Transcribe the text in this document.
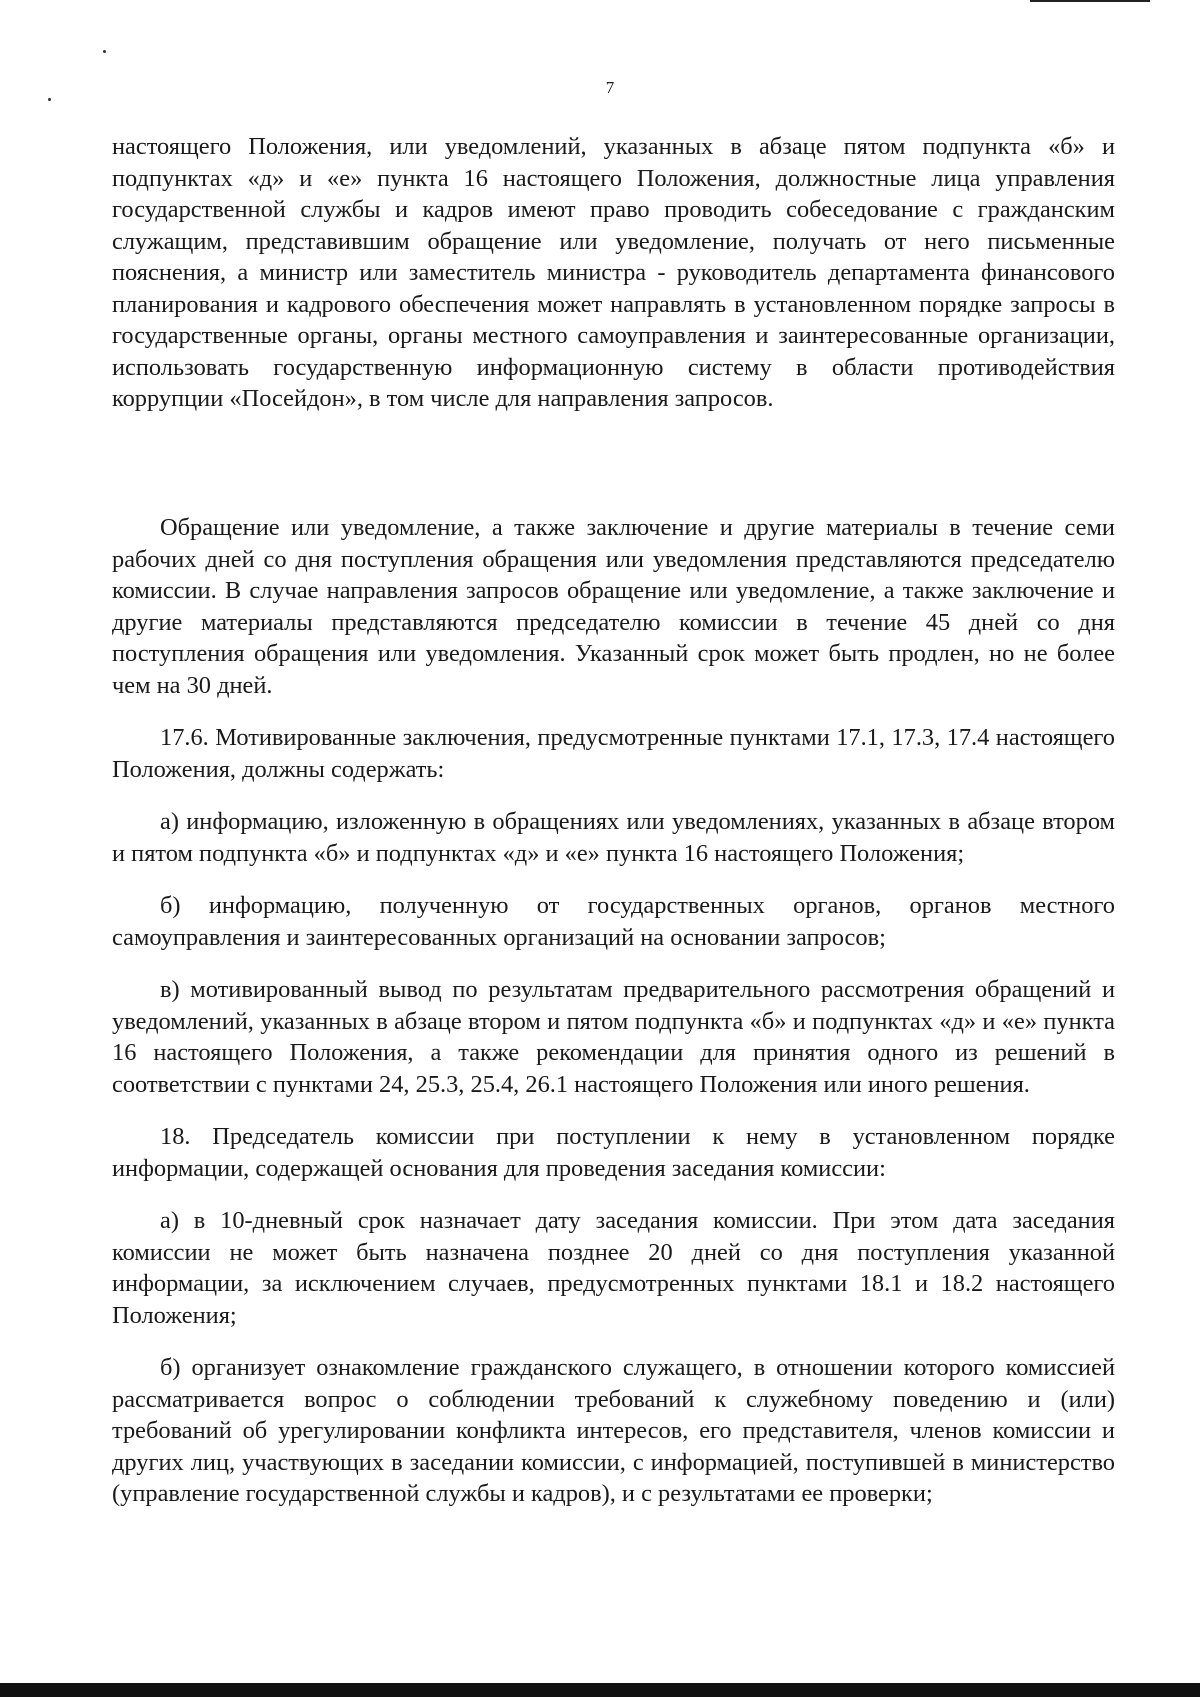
7

настоящего Положения, или уведомлений, указанных в абзаце пятом подпункта «б» и подпунктах «д» и «е» пункта 16 настоящего Положения, должностные лица управления государственной службы и кадров имеют право проводить собеседование с гражданским служащим, представившим обращение или уведомление, получать от него письменные пояснения, а министр или заместитель министра - руководитель департамента финансового планирования и кадрового обеспечения может направлять в установленном порядке запросы в государственные органы, органы местного самоуправления и заинтересованные организации, использовать государственную информационную систему в области противодействия коррупции «Посейдон», в том числе для направления запросов.

Обращение или уведомление, а также заключение и другие материалы в течение семи рабочих дней со дня поступления обращения или уведомления представляются председателю комиссии. В случае направления запросов обращение или уведомление, а также заключение и другие материалы представляются председателю комиссии в течение 45 дней со дня поступления обращения или уведомления. Указанный срок может быть продлен, но не более чем на 30 дней.

17.6. Мотивированные заключения, предусмотренные пунктами 17.1, 17.3, 17.4 настоящего Положения, должны содержать:

а) информацию, изложенную в обращениях или уведомлениях, указанных в абзаце втором и пятом подпункта «б» и подпунктах «д» и «е» пункта 16 настоящего Положения;

б) информацию, полученную от государственных органов, органов местного самоуправления и заинтересованных организаций на основании запросов;

в) мотивированный вывод по результатам предварительного рассмотрения обращений и уведомлений, указанных в абзаце втором и пятом подпункта «б» и подпунктах «д» и «е» пункта 16 настоящего Положения, а также рекомендации для принятия одного из решений в соответствии с пунктами 24, 25.3, 25.4, 26.1 настоящего Положения или иного решения.

18. Председатель комиссии при поступлении к нему в установленном порядке информации, содержащей основания для проведения заседания комиссии:

а) в 10-дневный срок назначает дату заседания комиссии. При этом дата заседания комиссии не может быть назначена позднее 20 дней со дня поступления указанной информации, за исключением случаев, предусмотренных пунктами 18.1 и 18.2 настоящего Положения;

б) организует ознакомление гражданского служащего, в отношении которого комиссией рассматривается вопрос о соблюдении требований к служебному поведению и (или) требований об урегулировании конфликта интересов, его представителя, членов комиссии и других лиц, участвующих в заседании комиссии, с информацией, поступившей в министерство (управление государственной службы и кадров), и с результатами ее проверки;
